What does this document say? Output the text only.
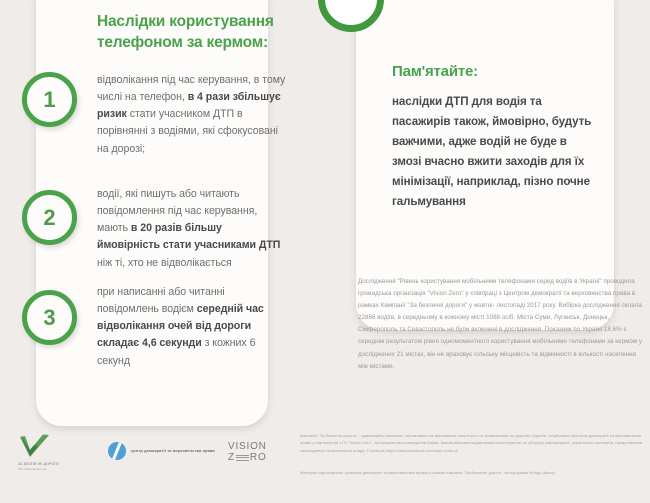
Наслідки користування телефоном за кермом:
1
2
3
відволікання під час керування, в тому числі на телефон, в 4 рази збільшує ризик стати учасником ДТП в порівнянні з водіями, які сфокусовані на дорозі;
водії, які пишуть або читають повідомлення під час керування, мають в 20 разів більшу ймовірність стати учасниками ДТП ніж ті, хто не відволікається
при написанні або читанні повідомлень водієм середній час відволікання очей від дороги складає 4,6 секунди з кожних 6 секунд
Пам'ятайте:
наслідки ДТП для водія та пасажирів також, ймовірно, будуть важчими, адже водій не буде в змозі вчасно вжити заходів для їх мінімізації, наприклад, пізно почне гальмування
Дослідження "Рівень користування мобільними телефонами серед водіїв в Україні" проводила громадська організація "Vision Zero" у співпраці з Центром демократії та верховенства права в рамках Кампанії "За безпечні дороги" у жовтні- листопаді 2017 року. Вибірка дослідження склала 22866 водіїв, в середньому в кожному місті 1088 осіб. Міста Суми, Луганськ, Донецьк, Сімферополь та Севастополь не були включені в дослідження. Показник по Україні 18,6% є середнім результатом рівня одномоментного користування мобільними телефонами за кермом у досліджених 21 містах, він не враховує сільську місцевість та відмінності в кількості населення між містами.
ЗА БЕЗПЕЧНІ ДОРОГИ
FB / saferoad.kiev.ua
центр демократії та верховенства права VISION
Z RO
Кампанія "За безпечні дороги" - адвокаційна кампанія, спрямована на зменшення смертності та травматизму на дорогах України. Ініційована Центром демократії та верховенства права у партнерстві з ГО "Vision Zero", Асоціацією велосипедистів Києва, Автомобільним видавничим майстерністю та об'єднує міжнародних, українських експертів, представників законодавчої та виконавчої влади. Facebook https://www.facebook.com/safe.road.ua
Матеріал підготовлено Центром демократії та верховенства права в рамках Кампанії "За безпечні дороги" за підтримки Фонду Швеції.
